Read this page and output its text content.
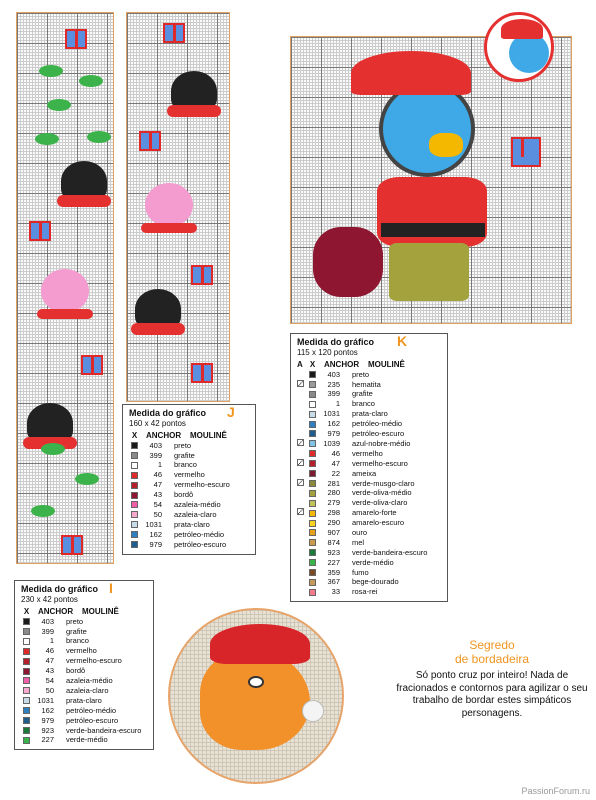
Medida do gráfico	J
160 x 42 pontos
X	ANCHOR	MOULINÊ
403	preto
399	grafite
1	branco
46	vermelho
47	vermelho-escuro
43	bordô
54	azaleia-médio
50	azaleia-claro
1031	prata-claro
162	petróleo-médio
979	petróleo-escuro
Medida do gráfico I
230 x 42 pontos
X	ANCHOR	MOULINÊ
403	preto
399	grafite
1	branco
46	vermelho
47	vermelho-escuro
43	bordô
54	azaleia-médio
50	azaleia-claro
1031	prata-claro
162	petróleo-médio
979	petróleo-escuro
923	verde-bandeira-escuro
227	verde-médio
Medida do gráfico	K
115 x 120 pontos
A X	ANCHOR	MOULINÊ
403	preto
235	hematita
399	grafite
1	branco
1031	prata-claro
162	petróleo-médio
979	petróleo-escuro
1039	azul-nobre-médio
46	vermelho
47	vermelho-escuro
22	ameixa
281	verde-musgo-claro
280	verde-oliva-médio
279	verde-oliva-claro
298	amarelo-forte
290	amarelo-escuro
907	ouro
874	mel
923	verde-bandeira-escuro
227	verde-médio
359	fumo
367	bege-dourado
33	rosa-rei
Segredo
de bordadeira
Só ponto cruz por inteiro! Nada de fracionados e contornos para agilizar o seu trabalho de bordar estes simpáticos personagens.
PassionForum.ru
